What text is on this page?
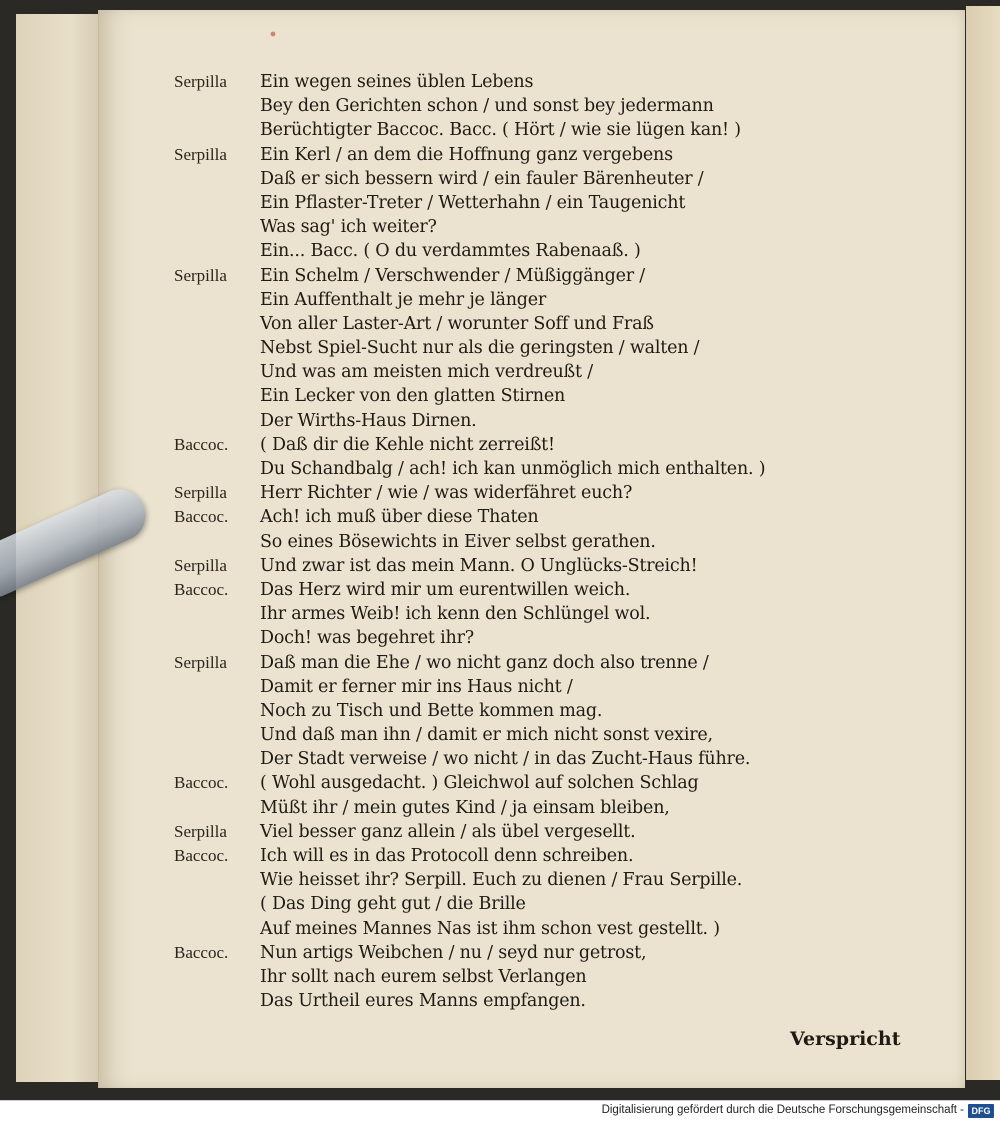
Serpilla	Ein wegen seines üblen Lebens
Bey den Gerichten schon / und sonst bey jedermann
Berüchtigter Baccoc. Bacc. ( Hört / wie sie lügen kan! )
Serpilla	Ein Kerl / an dem die Hoffnung ganz vergebens
Daß er sich bessern wird / ein fauler Bärenheuter /
Ein Pflaster-Treter / Wetterhahn / ein Taugenicht
Was sag' ich weiter?
Ein... Bacc. ( O du verdammtes Rabenaaß. )
Serpilla	Ein Schelm / Verschwender / Müßiggänger /
Ein Auffenthalt je mehr je länger
Von aller Laster-Art / worunter Soff und Fraß
Nebst Spiel-Sucht nur als die geringsten / walten /
Und was am meisten mich verdreußt /
Ein Lecker von den glatten Stirnen
Der Wirths-Haus Dirnen.
Baccoc.	( Daß dir die Kehle nicht zerreißt!
Du Schandbalg / ach! ich kan unmöglich mich enthalten. )
Serpilla	Herr Richter / wie / was widerfähret euch?
Baccoc.	Ach! ich muß über diese Thaten
So eines Bösewichts in Eiver selbst gerathen.
Serpilla	Und zwar ist das mein Mann. O Unglücks-Streich!
Baccoc.	Das Herz wird mir um eurentwillen weich.
Ihr armes Weib! ich kenn den Schlüngel wol.
Doch! was begehret ihr?
Serpilla	Daß man die Ehe / wo nicht ganz doch also trenne /
Damit er ferner mir ins Haus nicht /
Noch zu Tisch und Bette kommen mag.
Und daß man ihn / damit er mich nicht sonst vexire,
Der Stadt verweise / wo nicht / in das Zucht-Haus führe.
Baccoc.	( Wohl ausgedacht. ) Gleichwol auf solchen Schlag
Müßt ihr / mein gutes Kind / ja einsam bleiben,
Serpilla	Viel besser ganz allein / als übel vergesellt.
Baccoc.	Ich will es in das Protocoll denn schreiben.
Wie heisset ihr? Serpill. Euch zu dienen / Frau Serpille.
( Das Ding geht gut / die Brille
Auf meines Mannes Nas ist ihm schon vest gestellt. )
Baccoc.	Nun artigs Weibchen / nu / seyd nur getrost,
Ihr sollt nach eurem selbst Verlangen
Das Urtheil eures Manns empfangen.
Verspricht
Digitalisierung gefördert durch die Deutsche Forschungsgemeinschaft - DFG
